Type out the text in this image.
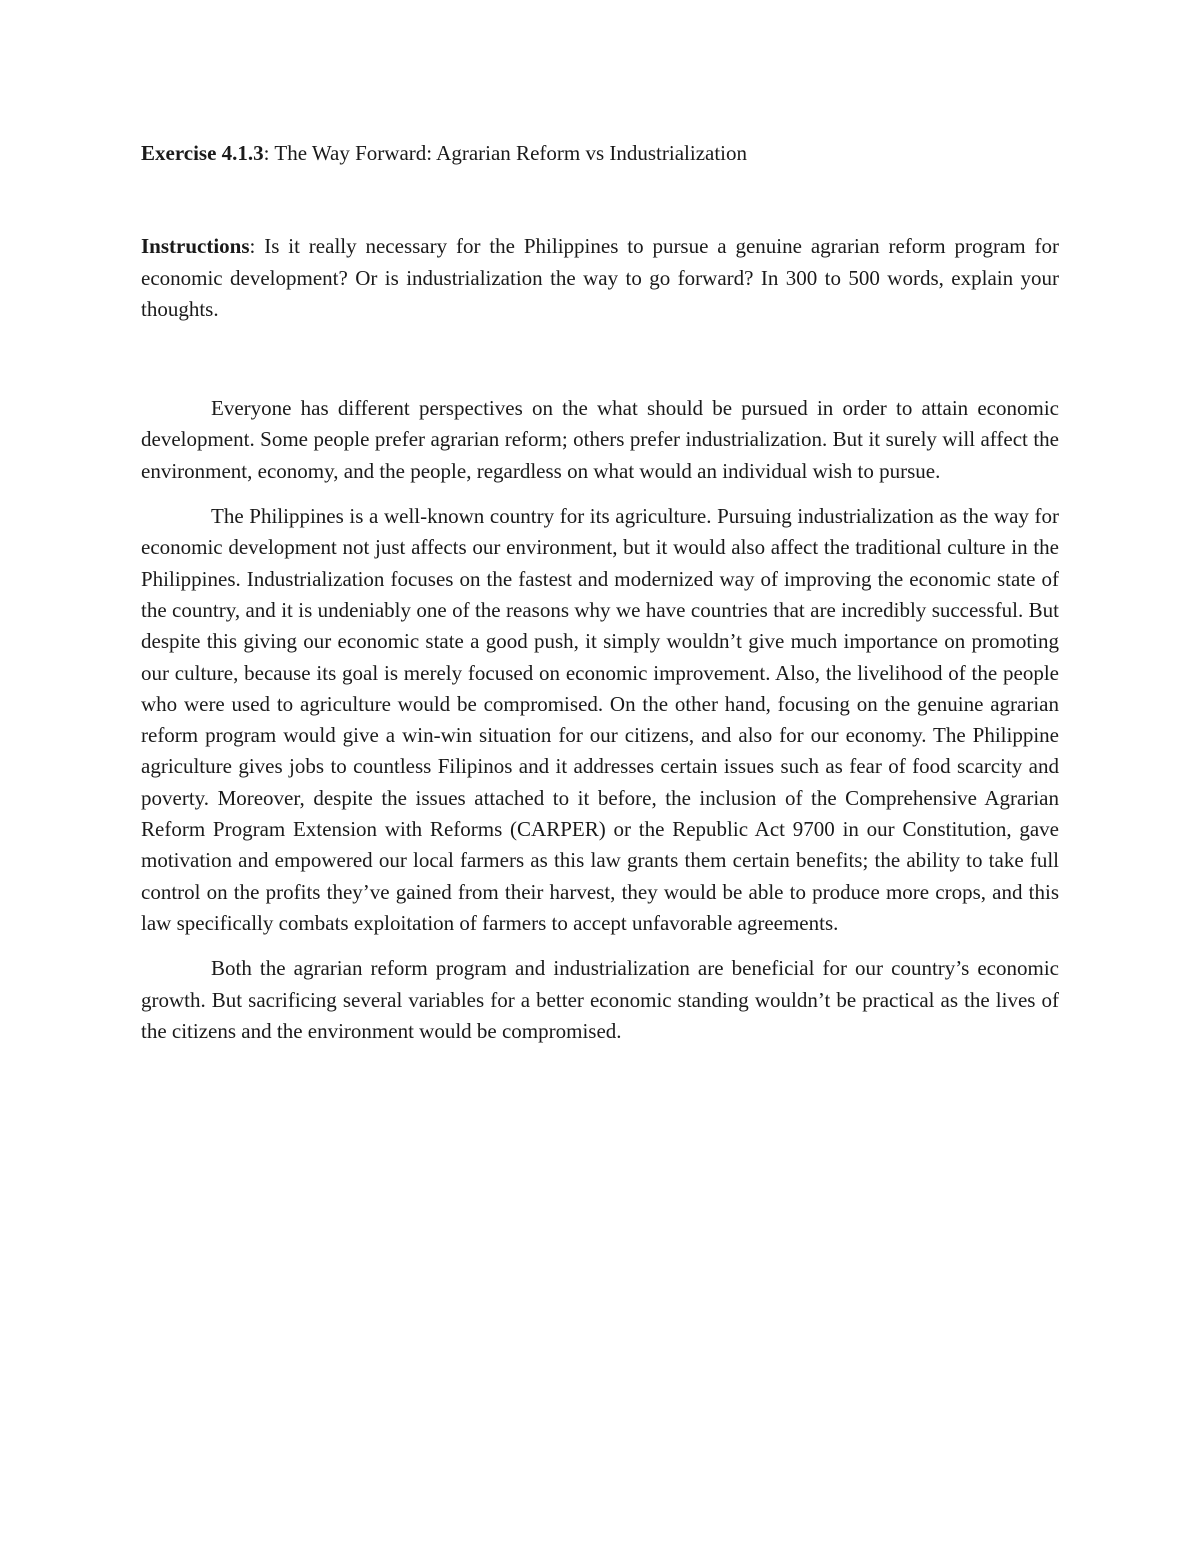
Exercise 4.1.3: The Way Forward: Agrarian Reform vs Industrialization

Instructions: Is it really necessary for the Philippines to pursue a genuine agrarian reform program for economic development? Or is industrialization the way to go forward? In 300 to 500 words, explain your thoughts.

Everyone has different perspectives on the what should be pursued in order to attain economic development. Some people prefer agrarian reform; others prefer industrialization. But it surely will affect the environment, economy, and the people, regardless on what would an individual wish to pursue.

The Philippines is a well-known country for its agriculture. Pursuing industrialization as the way for economic development not just affects our environment, but it would also affect the traditional culture in the Philippines. Industrialization focuses on the fastest and modernized way of improving the economic state of the country, and it is undeniably one of the reasons why we have countries that are incredibly successful. But despite this giving our economic state a good push, it simply wouldn’t give much importance on promoting our culture, because its goal is merely focused on economic improvement. Also, the livelihood of the people who were used to agriculture would be compromised. On the other hand, focusing on the genuine agrarian reform program would give a win-win situation for our citizens, and also for our economy. The Philippine agriculture gives jobs to countless Filipinos and it addresses certain issues such as fear of food scarcity and poverty. Moreover, despite the issues attached to it before, the inclusion of the Comprehensive Agrarian Reform Program Extension with Reforms (CARPER) or the Republic Act 9700 in our Constitution, gave motivation and empowered our local farmers as this law grants them certain benefits; the ability to take full control on the profits they’ve gained from their harvest, they would be able to produce more crops, and this law specifically combats exploitation of farmers to accept unfavorable agreements.

Both the agrarian reform program and industrialization are beneficial for our country’s economic growth. But sacrificing several variables for a better economic standing wouldn’t be practical as the lives of the citizens and the environment would be compromised.
